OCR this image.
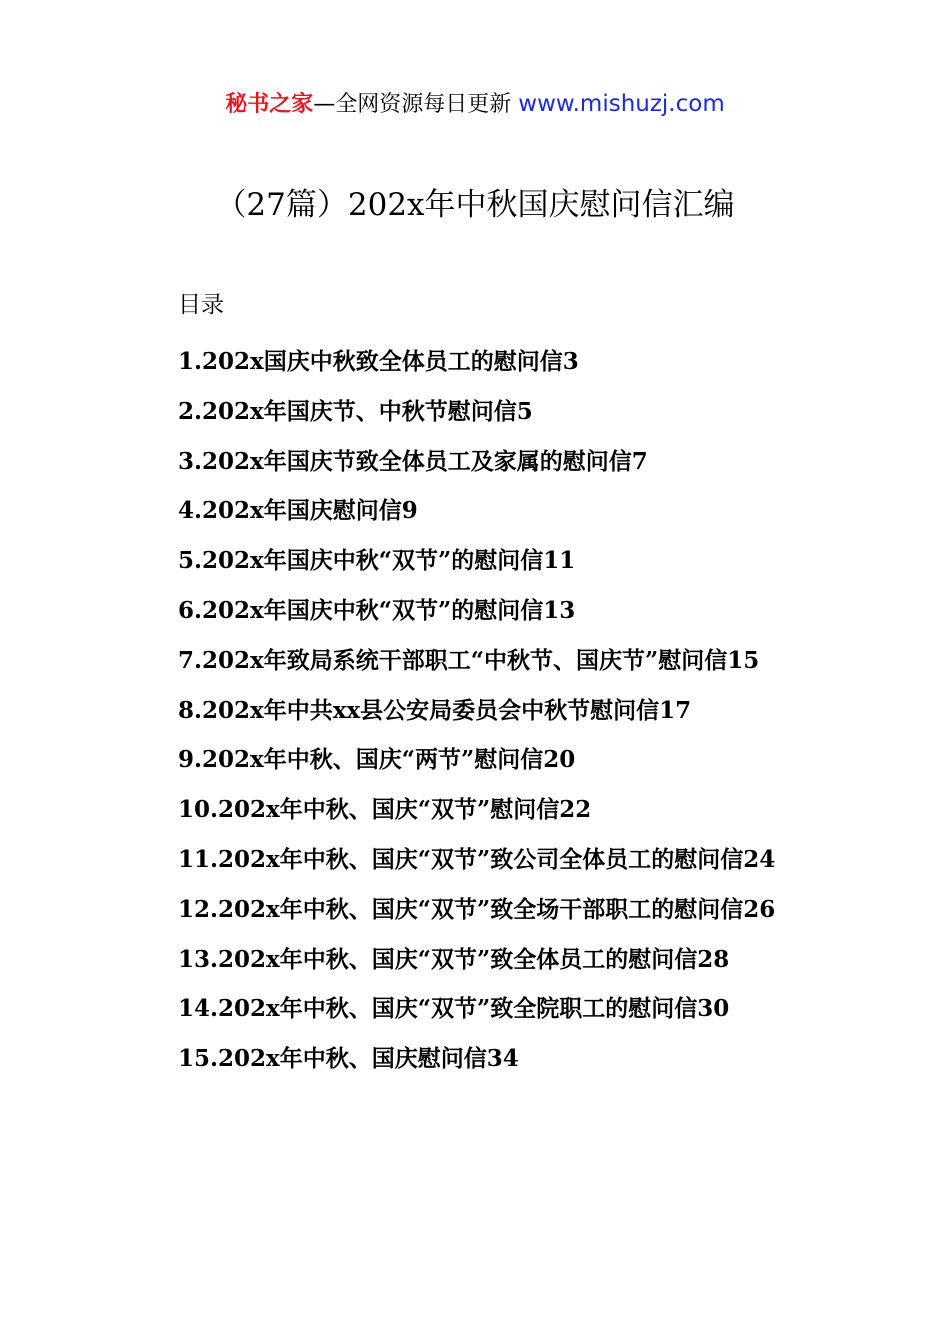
秘书之家—全网资源每日更新 www.mishuzj.com
（27篇）202x年中秋国庆慰问信汇编
目录
1.202x国庆中秋致全体员工的慰问信3
2.202x年国庆节、中秋节慰问信5
3.202x年国庆节致全体员工及家属的慰问信7
4.202x年国庆慰问信9
5.202x年国庆中秋“双节”的慰问信11
6.202x年国庆中秋“双节”的慰问信13
7.202x年致局系统干部职工“中秋节、国庆节”慰问信15
8.202x年中共xx县公安局委员会中秋节慰问信17
9.202x年中秋、国庆“两节”慰问信20
10.202x年中秋、国庆“双节”慰问信22
11.202x年中秋、国庆“双节”致公司全体员工的慰问信24
12.202x年中秋、国庆“双节”致全场干部职工的慰问信26
13.202x年中秋、国庆“双节”致全体员工的慰问信28
14.202x年中秋、国庆“双节”致全院职工的慰问信30
15.202x年中秋、国庆慰问信34
